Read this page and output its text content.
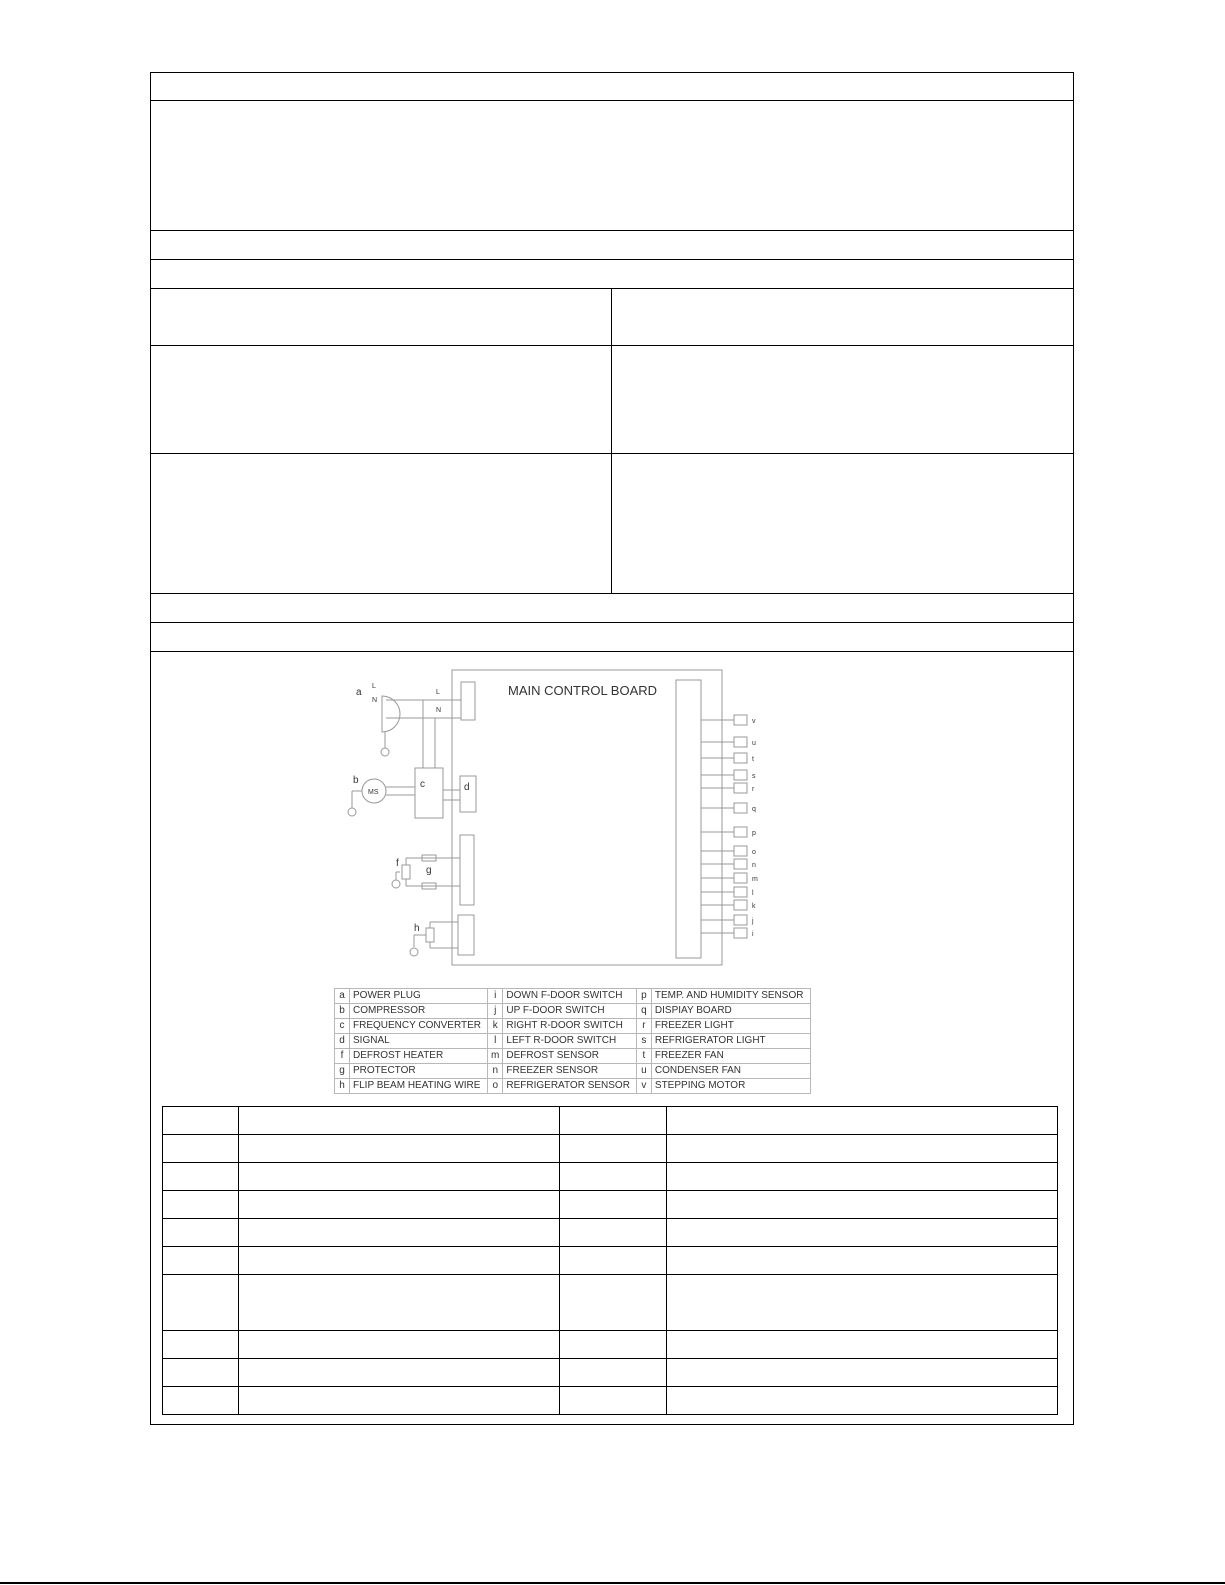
MAIN CONTROL BOARD
a
L
N
L
N
b
MS
c	d
f
g
h
v
u
t
s
r
q
p
o
n
m
l
k
j
i
a	POWER PLUG	i	DOWN F-DOOR SWITCH	p	TEMP. AND HUMIDITY SENSOR
b	COMPRESSOR	j	UP F-DOOR SWITCH	q	DISPIAY BOARD
c	FREQUENCY CONVERTER	k	RIGHT R-DOOR SWITCH	r	FREEZER LIGHT
d	SIGNAL	l	LEFT R-DOOR SWITCH	s	REFRIGERATOR LIGHT
f	DEFROST HEATER	m	DEFROST SENSOR	t	FREEZER FAN
g	PROTECTOR	n	FREEZER SENSOR	u	CONDENSER FAN
h	FLIP BEAM HEATING WIRE	o	REFRIGERATOR SENSOR	v	STEPPING MOTOR
